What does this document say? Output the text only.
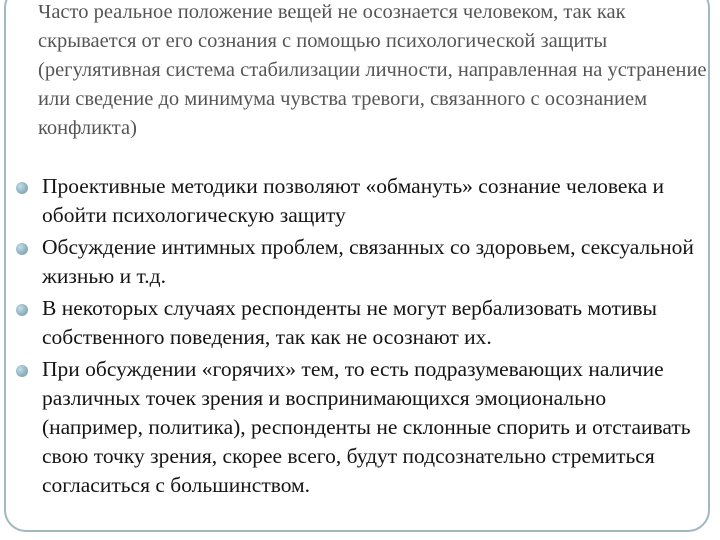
Часто реальное положение вещей не осознается человеком, так как скрывается от его сознания с помощью психологической защиты (регулятивная система стабилизации личности, направленная на устранение или сведение до минимума чувства тревоги, связанного с осознанием конфликта)

Проективные методики позволяют «обмануть» сознание человека и обойти психологическую защиту
Обсуждение интимных проблем, связанных со здоровьем, сексуальной жизнью и т.д.
В некоторых случаях респонденты не могут вербализовать мотивы собственного поведения, так как не осознают их.
При обсуждении «горячих» тем, то есть подразумевающих наличие различных точек зрения и воспринимающихся эмоционально (например, политика), респонденты не склонные спорить и отстаивать свою точку зрения, скорее всего, будут подсознательно стремиться согласиться с большинством.
